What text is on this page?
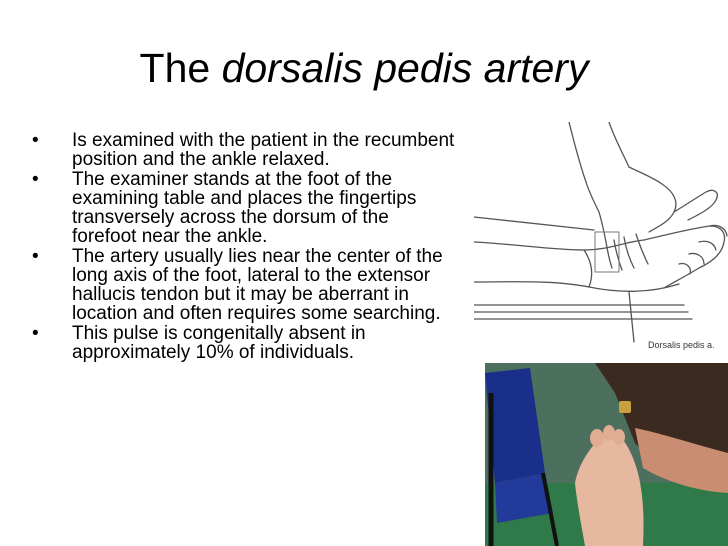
The dorsalis pedis artery
• Is examined with the patient in the recumbent position and the ankle relaxed.
• The examiner stands at the foot of the examining table and places the fingertips transversely across the dorsum of the forefoot near the ankle.
• The artery usually lies near the center of the long axis of the foot, lateral to the extensor hallucis tendon but it may be aberrant in location and often requires some searching.
• This pulse is congenitally absent in approximately 10% of individuals.	Dorsalis pedis a.
